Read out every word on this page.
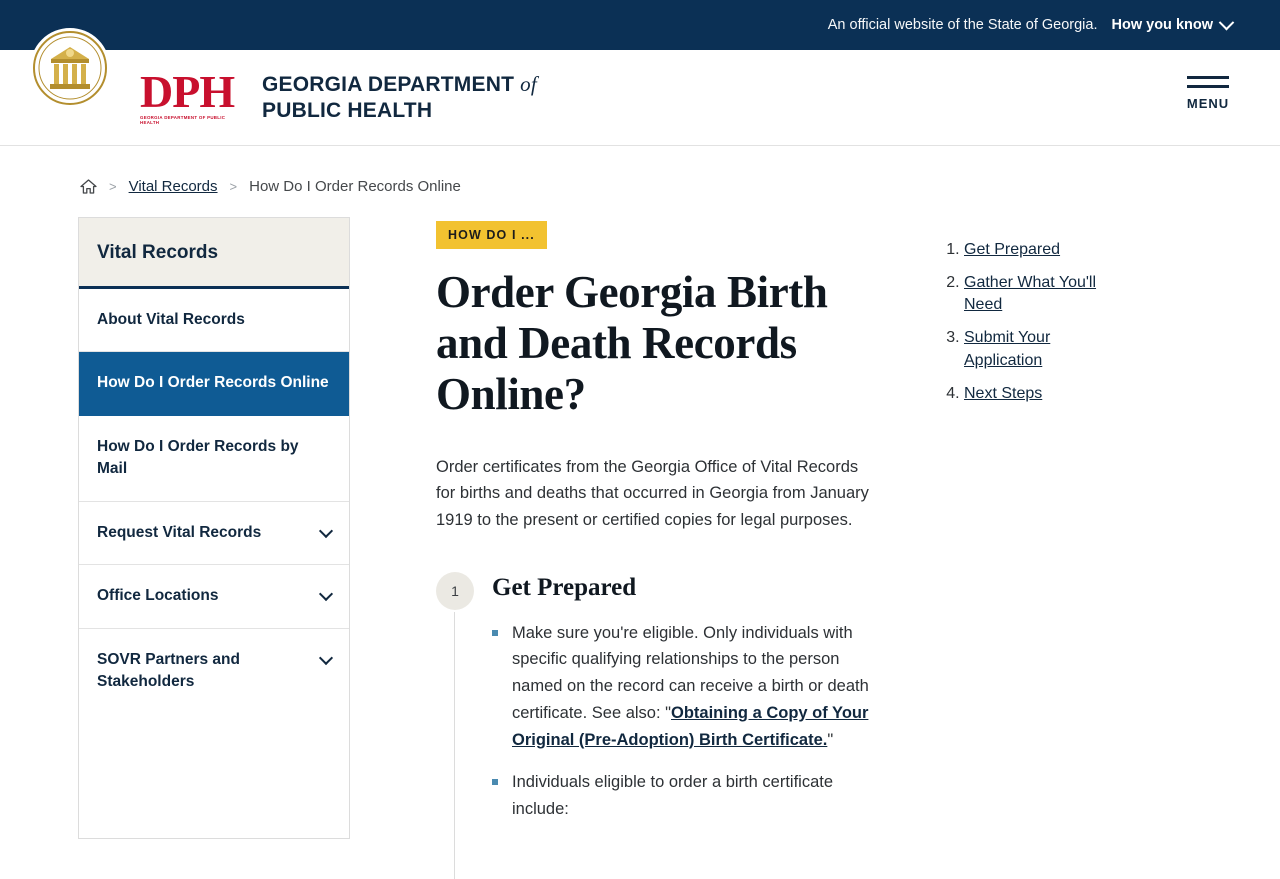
An official website of the State of Georgia. How you know
DPH
GEORGIA DEPARTMENT OF PUBLIC HEALTH
GEORGIA DEPARTMENT of
PUBLIC HEALTH	MENU
> Vital Records > How Do I Order Records Online
Vital Records
About Vital Records
How Do I Order Records Online
How Do I Order Records by Mail
Request Vital Records
Office Locations
SOVR Partners and Stakeholders
HOW DO I ...
Order Georgia Birth and Death Records Online?

Order certificates from the Georgia Office of Vital Records for births and deaths that occurred in Georgia from January 1919 to the present or certified copies for legal purposes.

1	Get Prepared
Make sure you're eligible. Only individuals with specific qualifying relationships to the person named on the record can receive a birth or death certificate. See also: "Obtaining a Copy of Your Original (Pre-Adoption) Birth Certificate."
Individuals eligible to order a birth certificate include:
1. Get Prepared
2. Gather What You'll Need
3. Submit Your Application
4. Next Steps
